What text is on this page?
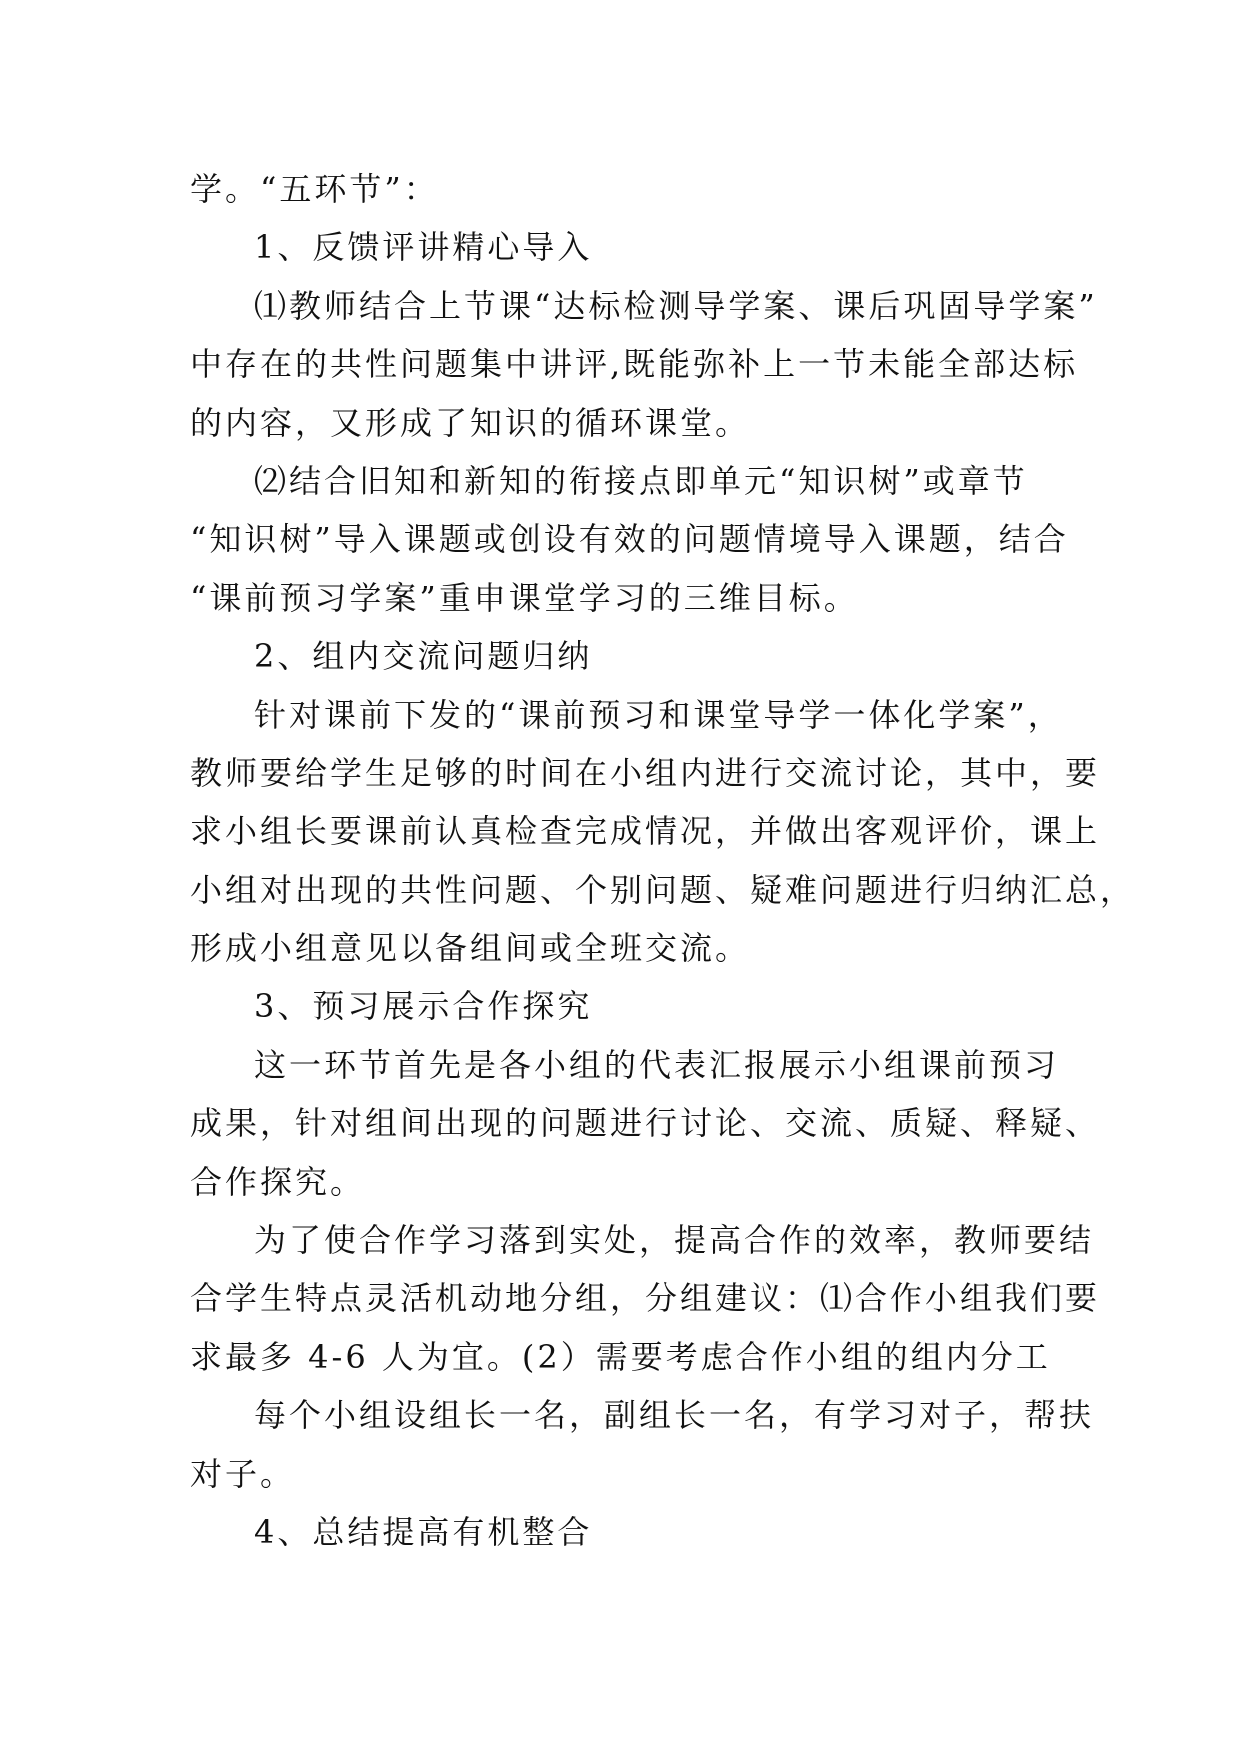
学。“五环节”：
1、反馈评讲精心导入
⑴教师结合上节课“达标检测导学案、课后巩固导学案”
中存在的共性问题集中讲评,既能弥补上一节未能全部达标
的内容，又形成了知识的循环课堂。
⑵结合旧知和新知的衔接点即单元“知识树”或章节
“知识树”导入课题或创设有效的问题情境导入课题，结合
“课前预习学案”重申课堂学习的三维目标。
2、组内交流问题归纳
针对课前下发的“课前预习和课堂导学一体化学案”，
教师要给学生足够的时间在小组内进行交流讨论，其中，要
求小组长要课前认真检查完成情况，并做出客观评价，课上
小组对出现的共性问题、个别问题、疑难问题进行归纳汇总，
形成小组意见以备组间或全班交流。
3、预习展示合作探究
这一环节首先是各小组的代表汇报展示小组课前预习
成果，针对组间出现的问题进行讨论、交流、质疑、释疑、
合作探究。
为了使合作学习落到实处，提高合作的效率，教师要结
合学生特点灵活机动地分组，分组建议：⑴合作小组我们要
求最多 4-6 人为宜。(2）需要考虑合作小组的组内分工
每个小组设组长一名，副组长一名，有学习对子，帮扶
对子。
4、总结提高有机整合
